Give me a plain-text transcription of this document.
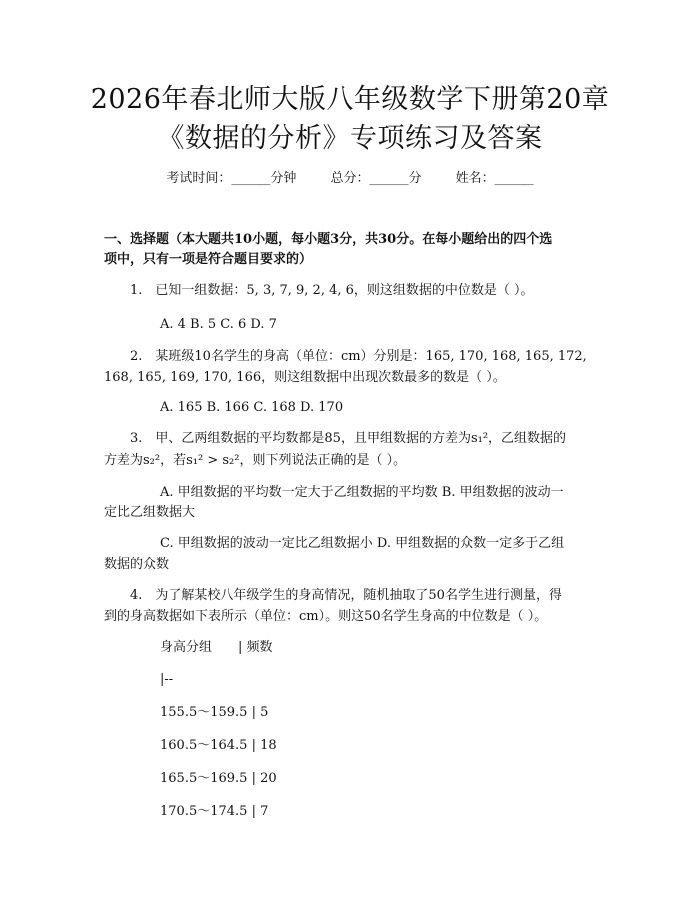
2026年春北师大版八年级数学下册第20章
《数据的分析》专项练习及答案
考试时间：______分钟	总分：______分	姓名：______
一、选择题（本大题共10小题，每小题3分，共30分。在每小题给出的四个选
项中，只有一项是符合题目要求的）
1.　已知一组数据：5, 3, 7, 9, 2, 4, 6，则这组数据的中位数是（ ）。
A. 4 B. 5 C. 6 D. 7
2.　某班级10名学生的身高（单位：cm）分别是：165, 170, 168, 165, 172,
168, 165, 169, 170, 166，则这组数据中出现次数最多的数是（ ）。
A. 165 B. 166 C. 168 D. 170
3.　甲、乙两组数据的平均数都是85，且甲组数据的方差为s₁²，乙组数据的
方差为s₂²，若s₁² > s₂²，则下列说法正确的是（ ）。
A. 甲组数据的平均数一定大于乙组数据的平均数 B. 甲组数据的波动一
定比乙组数据大
C. 甲组数据的波动一定比乙组数据小 D. 甲组数据的众数一定多于乙组
数据的众数
4.　为了解某校八年级学生的身高情况，随机抽取了50名学生进行测量，得
到的身高数据如下表所示（单位：cm）。则这50名学生身高的中位数是（ ）。
身高分组　　| 频数
|--
155.5～159.5 | 5
160.5～164.5 | 18
165.5～169.5 | 20
170.5～174.5 | 7
